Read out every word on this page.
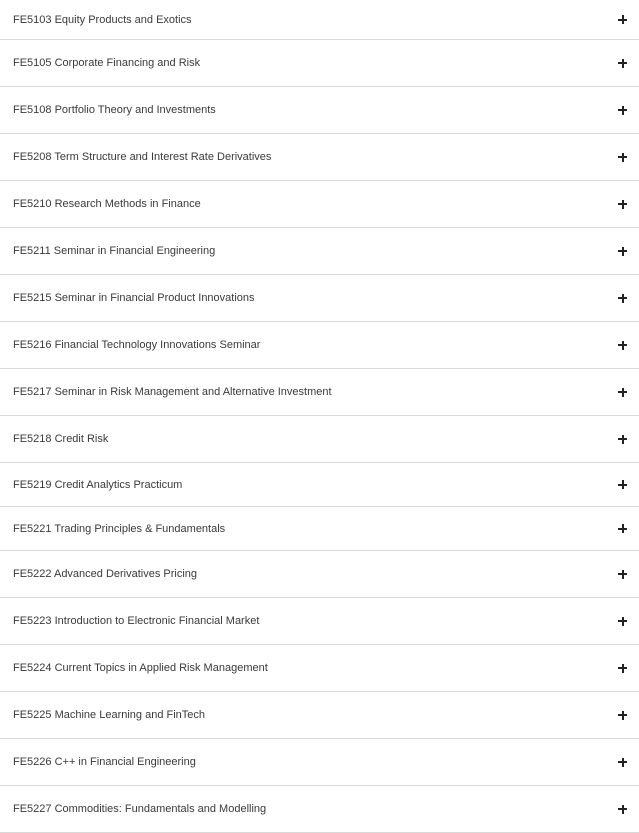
FE5103 Equity Products and Exotics
FE5105 Corporate Financing and Risk
FE5108 Portfolio Theory and Investments
FE5208 Term Structure and Interest Rate Derivatives
FE5210 Research Methods in Finance
FE5211 Seminar in Financial Engineering
FE5215 Seminar in Financial Product Innovations
FE5216 Financial Technology Innovations Seminar
FE5217 Seminar in Risk Management and Alternative Investment
FE5218 Credit Risk
FE5219 Credit Analytics Practicum
FE5221 Trading Principles & Fundamentals
FE5222 Advanced Derivatives Pricing
FE5223 Introduction to Electronic Financial Market
FE5224 Current Topics in Applied Risk Management
FE5225 Machine Learning and FinTech
FE5226 C++ in Financial Engineering
FE5227 Commodities: Fundamentals and Modelling
